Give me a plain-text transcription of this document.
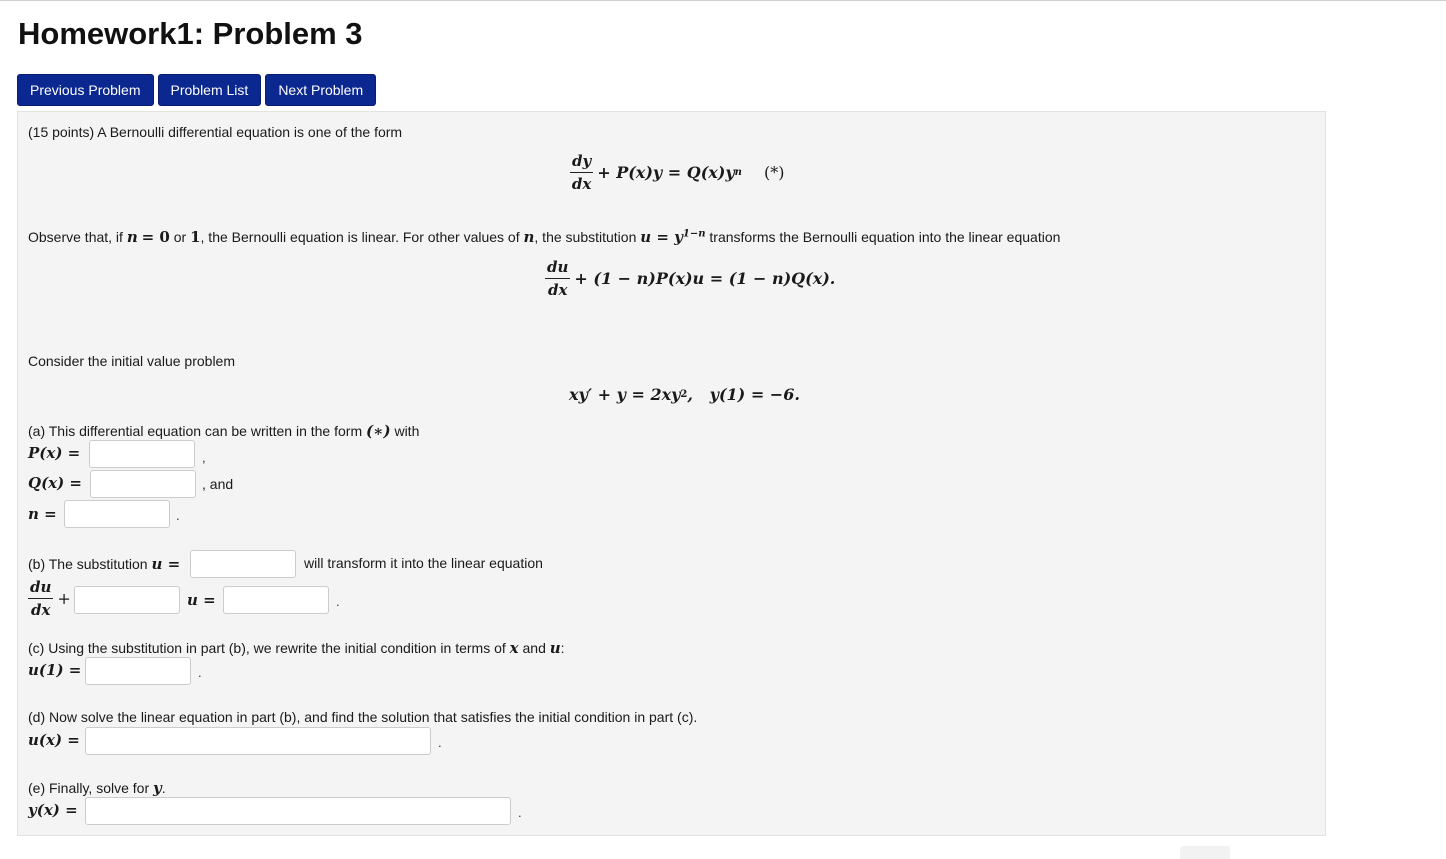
Homework1: Problem 3
Previous Problem	Problem List	Next Problem
(15 points) A Bernoulli differential equation is one of the form
$\frac{dy}{dx} + P(x)y = Q(x)y$ n (*)
Observe that, if n = 0 or 1, the Bernoulli equation is linear. For other values of n, the substitution $u = y^{1-n}$ transforms the Bernoulli equation into the linear equation
$\frac{du}{dx} + (1 - n)P(x)u = (1 - n)Q(x)$.
Consider the initial value problem
xy′ + y = 2xy 2 ,   y(1) = −6.
(a) This differential equation can be written in the form (∗) with
P(x) =	,
Q(x) =	, and
n =	.
(b) The substitution u =	will transform it into the linear equation
$\frac{du}{dx}$ +	u =	.
(c) Using the substitution in part (b), we rewrite the initial condition in terms of x and u:
u(1) =	.
(d) Now solve the linear equation in part (b), and find the solution that satisfies the initial condition in part (c).
u(x) =	.
(e) Finally, solve for y.
y(x) =	.
